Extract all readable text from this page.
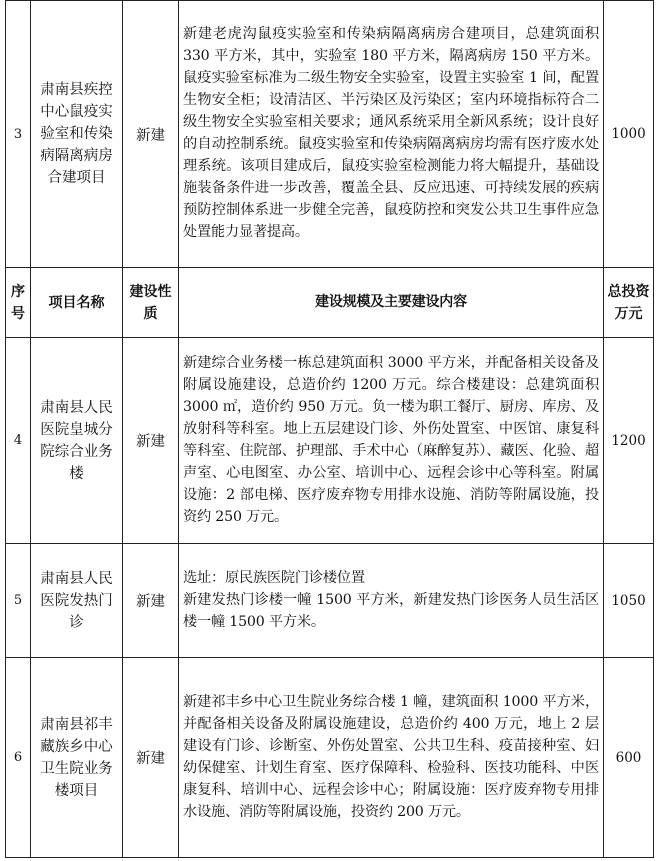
3	肃南县疾控中心鼠疫实验室和传染病隔离病房合建项目	新建	新建老虎沟鼠疫实验室和传染病隔离病房合建项目，总建筑面积 330 平方米，其中，实验室 180 平方米，隔离病房 150 平方米。鼠疫实验室标准为二级生物安全实验室，设置主实验室 1 间，配置生物安全柜；设清洁区、半污染区及污染区；室内环境指标符合二级生物安全实验室相关要求；通风系统采用全新风系统；设计良好的自动控制系统。鼠疫实验室和传染病隔离病房均需有医疗废水处理系统。该项目建成后，鼠疫实验室检测能力将大幅提升，基础设施装备条件进一步改善，覆盖全县、反应迅速、可持续发展的疾病预防控制体系进一步健全完善，鼠疫防控和突发公共卫生事件应急处置能力显著提高。	1000
序号	项目名称	建设性质	建设规模及主要建设内容	总投资万元
4	肃南县人民医院皇城分院综合业务楼	新建	新建综合业务楼一栋总建筑面积 3000 平方米，并配备相关设备及附属设施建设，总造价约 1200 万元。综合楼建设：总建筑面积 3000 ㎡，造价约 950 万元。负一楼为职工餐厅、厨房、库房、及放射科等科室。地上五层建设门诊、外伤处置室、中医馆、康复科等科室、住院部、护理部、手术中心（麻醉复苏）、藏医、化验、超声室、心电图室、办公室、培训中心、远程会诊中心等科室。附属设施：2 部电梯、医疗废弃物专用排水设施、消防等附属设施，投资约 250 万元。	1200
5	肃南县人民医院发热门诊	新建	选址：原民族医院门诊楼位置
新建发热门诊楼一幢 1500 平方米，新建发热门诊医务人员生活区楼一幢 1500 平方米。	1050
6	肃南县祁丰藏族乡中心卫生院业务楼项目	新建	新建祁丰乡中心卫生院业务综合楼 1 幢，建筑面积 1000 平方米，并配备相关设备及附属设施建设，总造价约 400 万元，地上 2 层建设有门诊、诊断室、外伤处置室、公共卫生科、疫苗接种室、妇幼保健室、计划生育室、医疗保障科、检验科、医技功能科、中医康复科、培训中心、远程会诊中心；附属设施：医疗废弃物专用排水设施、消防等附属设施，投资约 200 万元。	600
